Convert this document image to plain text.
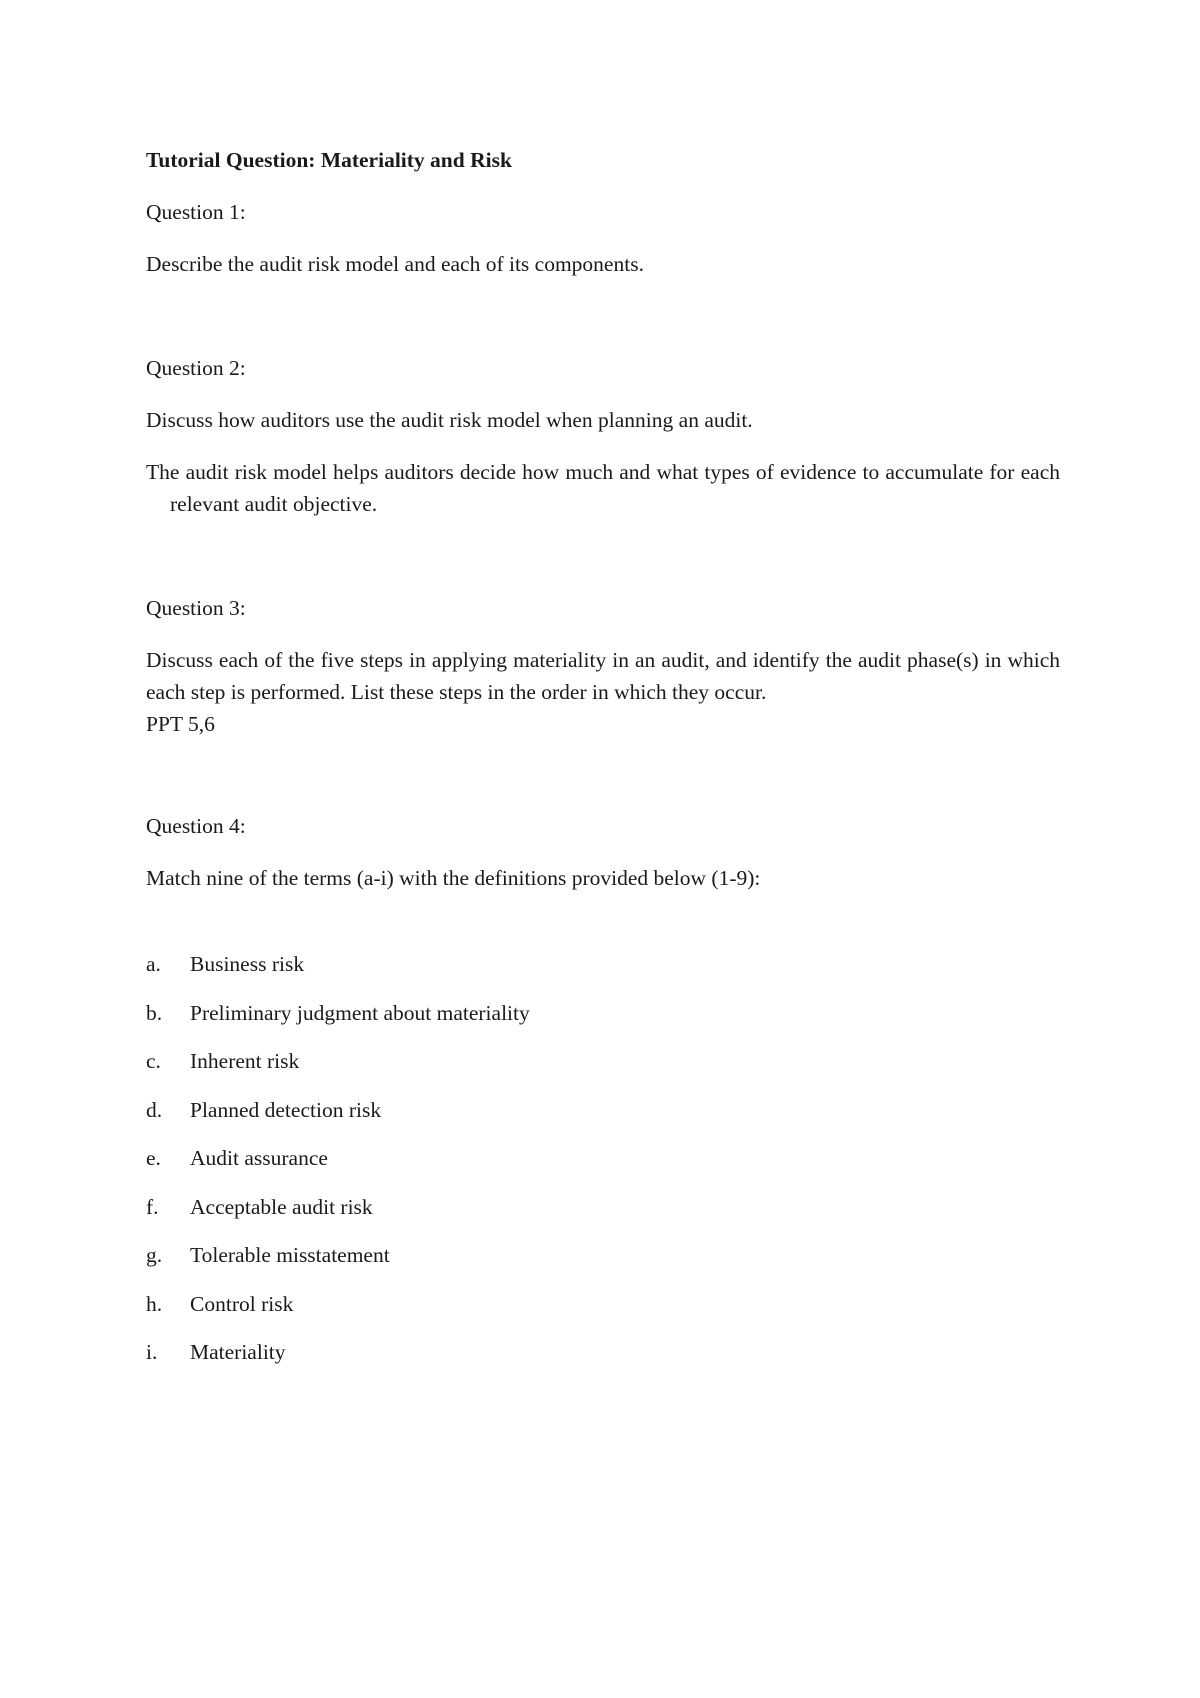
Tutorial Question: Materiality and Risk

Question 1:

Describe the audit risk model and each of its components.

Question 2:

Discuss how auditors use the audit risk model when planning an audit.

The audit risk model helps auditors decide how much and what types of evidence to accumulate for each relevant audit objective.

Question 3:

Discuss each of the five steps in applying materiality in an audit, and identify the audit phase(s) in which each step is performed. List these steps in the order in which they occur.

PPT 5,6

Question 4:

Match nine of the terms (a-i) with the definitions provided below (1-9):

a.	Business risk
b.	Preliminary judgment about materiality
c.	Inherent risk
d.	Planned detection risk
e.	Audit assurance
f.	Acceptable audit risk
g.	Tolerable misstatement
h.	Control risk
i.	Materiality
